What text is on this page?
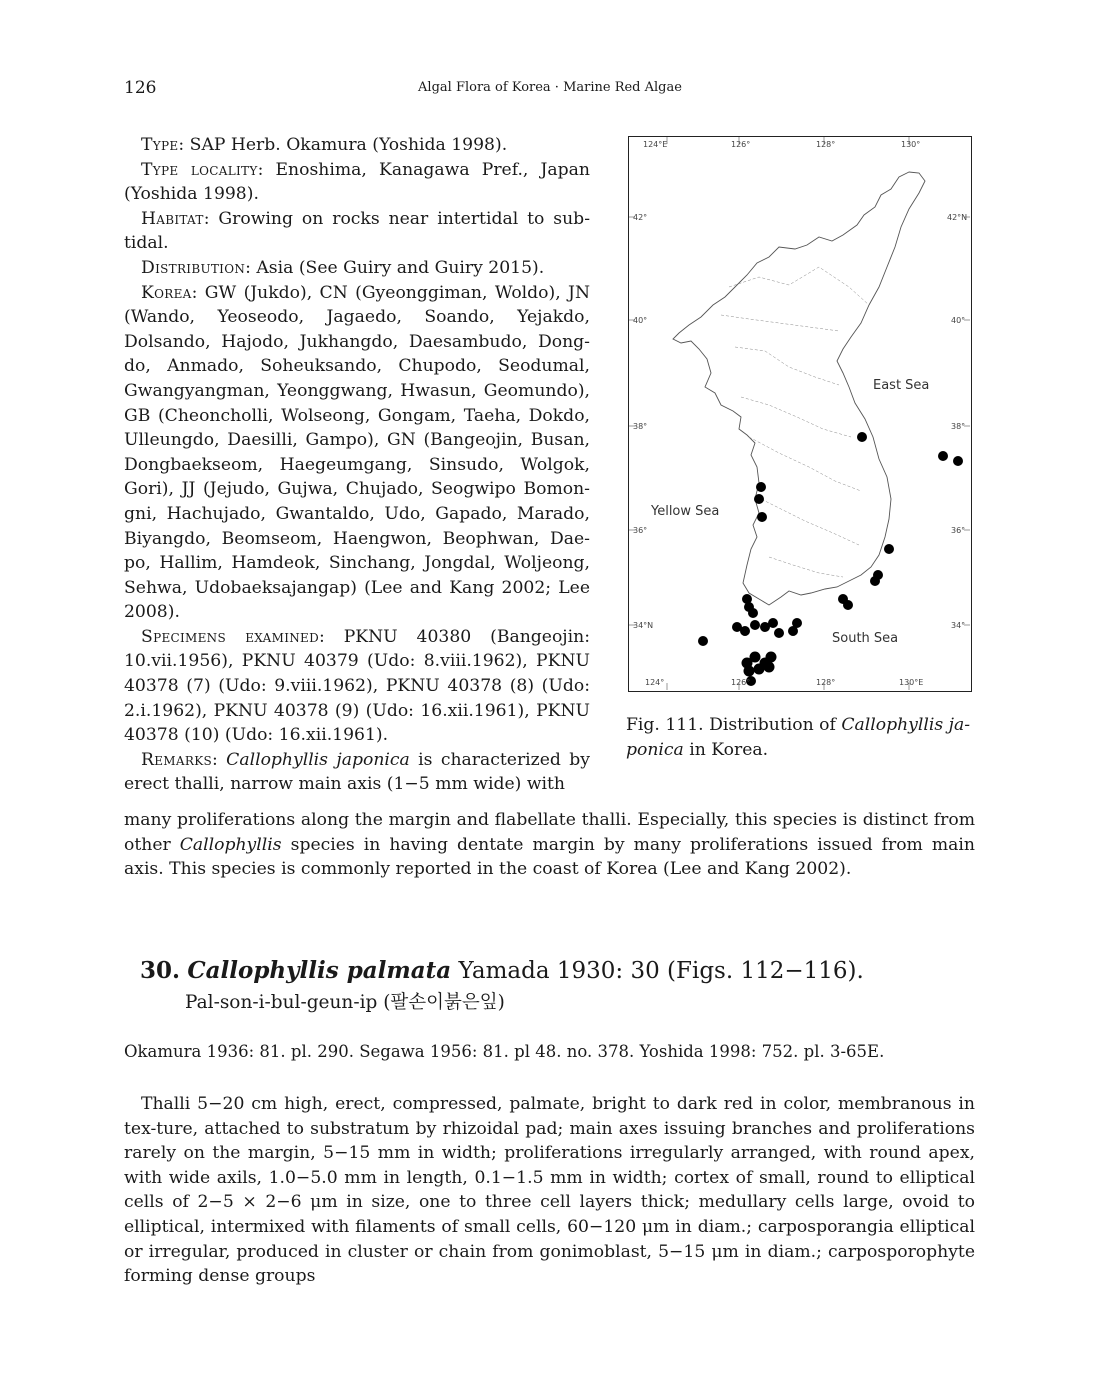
126	Algal Flora of Korea · Marine Red Algae

Type: SAP Herb. Okamura (Yoshida 1998).

Type locality: Enoshima, Kanagawa Pref., Japan (Yoshida 1998).

Habitat: Growing on rocks near intertidal to sub-tidal.

Distribution: Asia (See Guiry and Guiry 2015).

Korea: GW (Jukdo), CN (Gyeonggiman, Woldo), JN (Wando, Yeoseodo, Jagaedo, Soando, Yejakdo, Dolsando, Hajodo, Jukhangdo, Daesambudo, Dong-do, Anmado, Soheuksando, Chupodo, Seodumal, Gwangyangman, Yeonggwang, Hwasun, Geomundo), GB (Cheoncholli, Wolseong, Gongam, Taeha, Dokdo, Ulleungdo, Daesilli, Gampo), GN (Bangeojin, Busan, Dongbaekseom, Haegeumgang, Sinsudo, Wolgok, Gori), JJ (Jejudo, Gujwa, Chujado, Seogwipo Bomon-gni, Hachujado, Gwantaldo, Udo, Gapado, Marado, Biyangdo, Beomseom, Haengwon, Beophwan, Dae-po, Hallim, Hamdeok, Sinchang, Jongdal, Woljeong, Sehwa, Udobaeksajangap) (Lee and Kang 2002; Lee 2008).

Specimens examined: PKNU 40380 (Bangeojin: 10.vii.1956), PKNU 40379 (Udo: 8.viii.1962), PKNU 40378 (7) (Udo: 9.viii.1962), PKNU 40378 (8) (Udo: 2.i.1962), PKNU 40378 (9) (Udo: 16.xii.1961), PKNU 40378 (10) (Udo: 16.xii.1961).

Remarks: Callophyllis japonica is characterized by erect thalli, narrow main axis (1−5 mm wide) with

many proliferations along the margin and flabellate thalli. Especially, this species is distinct from other Callophyllis species in having dentate margin by many proliferations issued from main axis. This species is commonly reported in the coast of Korea (Lee and Kang 2002).
124°E	126°	128°	130°
124°	126°	128°	130°E
42°
40°
38°
36°
34°N
42°N
40°
38°
36°
34°
East Sea
Yellow Sea
South Sea
Fig. 111. Distribution of Callophyllis ja-ponica in Korea.
30. Callophyllis palmata Yamada 1930: 30 (Figs. 112−116).
Pal-son-i-bul-geun-ip (팔손이붉은잎)
Okamura 1936: 81. pl. 290. Segawa 1956: 81. pl 48. no. 378. Yoshida 1998: 752. pl. 3-65E.
Thalli 5−20 cm high, erect, compressed, palmate, bright to dark red in color, membranous in tex-ture, attached to substratum by rhizoidal pad; main axes issuing branches and proliferations rarely on the margin, 5−15 mm in width; proliferations irregularly arranged, with round apex, with wide axils, 1.0−5.0 mm in length, 0.1−1.5 mm in width; cortex of small, round to elliptical cells of 2−5 × 2−6 μm in size, one to three cell layers thick; medullary cells large, ovoid to elliptical, intermixed with filaments of small cells, 60−120 μm in diam.; carposporangia elliptical or irregular, produced in cluster or chain from gonimoblast, 5−15 μm in diam.; carposporophyte forming dense groups
